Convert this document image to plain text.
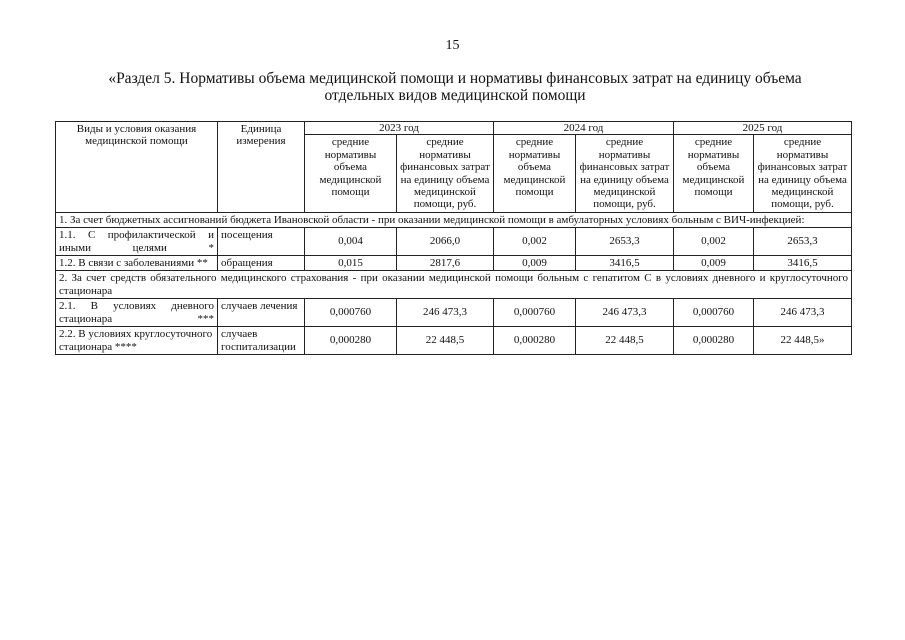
15
«Раздел 5. Нормативы объема медицинской помощи и нормативы финансовых затрат на единицу объема
отдельных видов медицинской помощи
Виды и условия оказания медицинской помощи	Единица измерения	2023 год		2024 год		2025 год	
		средние нормативы объема медицинской помощи	средние нормативы финансовых затрат на единицу объема медицинской помощи, руб.	средние нормативы объема медицинской помощи	средние нормативы финансовых затрат на единицу объема медицинской помощи, руб.	средние нормативы объема медицинской помощи	средние нормативы финансовых затрат на единицу объема медицинской помощи, руб.
1. За счет бюджетных ассигнований бюджета Ивановской области - при оказании медицинской помощи в амбулаторных условиях больным с ВИЧ-инфекцией:							
1.1. С профилактической и иными целями *	посещения	0,004	2066,0	0,002	2653,3	0,002	2653,3
1.2. В связи с заболеваниями **	обращения	0,015	2817,6	0,009	3416,5	0,009	3416,5
2. За счет средств обязательного медицинского страхования - при оказании медицинской помощи больным с гепатитом С в условиях дневного и круглосуточного стационара							
2.1. В условиях дневного стационара ***	случаев лечения	0,000760	246 473,3	0,000760	246 473,3	0,000760	246 473,3
2.2. В условиях круглосуточного стационара ****	случаев госпитализации	0,000280	22 448,5	0,000280	22 448,5	0,000280	22 448,5»
